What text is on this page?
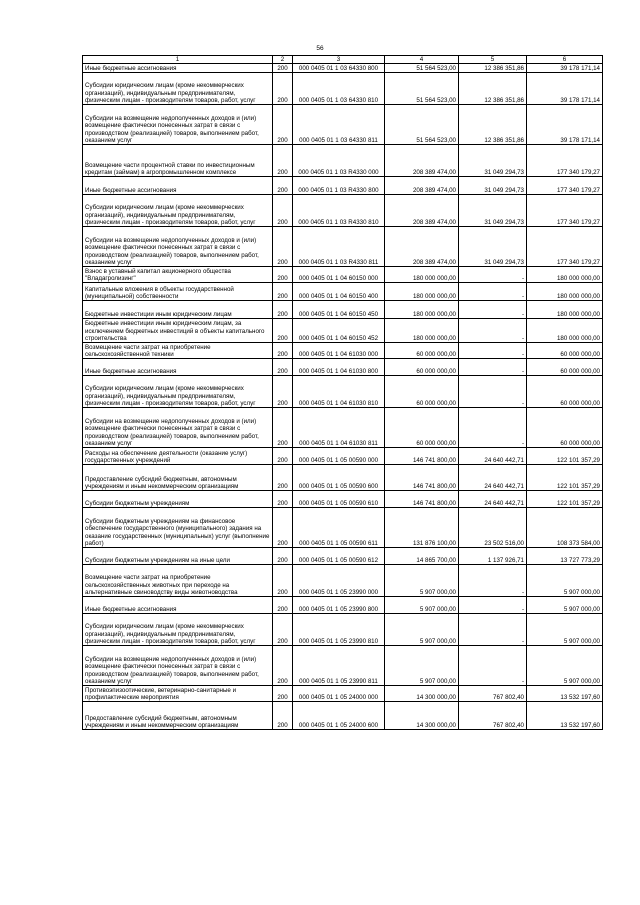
56
1	2	3	4	5	6
Иные бюджетные ассигнования	200	000 0405 01 1 03 64330 800	51 564 523,00	12 386 351,86	39 178 171,14
Субсидии юридическим лицам (кроме некоммерческих организаций), индивидуальным предпринимателям, физическим лицам - производителям товаров, работ, услуг	200	000 0405 01 1 03 64330 810	51 564 523,00	12 386 351,86	39 178 171,14
Субсидии на возмещение недополученных доходов и (или) возмещение фактически понесенных затрат в связи с производством (реализацией) товаров, выполнением работ, оказанием услуг	200	000 0405 01 1 03 64330 811	51 564 523,00	12 386 351,86	39 178 171,14
Возмещение части процентной ставки по инвестиционным кредитам (займам) в агропромышленном комплексе	200	000 0405 01 1 03 R4330 000	208 389 474,00	31 049 294,73	177 340 179,27
Иные бюджетные ассигнования	200	000 0405 01 1 03 R4330 800	208 389 474,00	31 049 294,73	177 340 179,27
Субсидии юридическим лицам (кроме некоммерческих организаций), индивидуальным предпринимателям, физическим лицам - производителям товаров, работ, услуг	200	000 0405 01 1 03 R4330 810	208 389 474,00	31 049 294,73	177 340 179,27
Субсидии на возмещение недополученных доходов и (или) возмещение фактически понесенных затрат в связи с производством (реализацией) товаров, выполнением работ, оказанием услуг	200	000 0405 01 1 03 R4330 811	208 389 474,00	31 049 294,73	177 340 179,27
Взнос в уставный капитал акционерного общества "Владагролизинг"	200	000 0405 01 1 04 60150 000	180 000 000,00	-	180 000 000,00
Капитальные вложения в объекты государственной (муниципальной) собственности	200	000 0405 01 1 04 60150 400	180 000 000,00	-	180 000 000,00
Бюджетные инвестиции иным юридическим лицам	200	000 0405 01 1 04 60150 450	180 000 000,00	-	180 000 000,00
Бюджетные инвестиции иным юридическим лицам, за исключением бюджетных инвестиций в объекты капитального строительства	200	000 0405 01 1 04 60150 452	180 000 000,00	-	180 000 000,00
Возмещение части затрат на приобретение сельскохозяйственной техники	200	000 0405 01 1 04 61030 000	60 000 000,00	-	60 000 000,00
Иные бюджетные ассигнования	200	000 0405 01 1 04 61030 800	60 000 000,00	-	60 000 000,00
Субсидии юридическим лицам (кроме некоммерческих организаций), индивидуальным предпринимателям, физическим лицам - производителям товаров, работ, услуг	200	000 0405 01 1 04 61030 810	60 000 000,00	-	60 000 000,00
Субсидии на возмещение недополученных доходов и (или) возмещение фактически понесенных затрат в связи с производством (реализацией) товаров, выполнением работ, оказанием услуг	200	000 0405 01 1 04 61030 811	60 000 000,00	-	60 000 000,00
Расходы на обеспечение деятельности (оказание услуг) государственных учреждений	200	000 0405 01 1 05 00590 000	146 741 800,00	24 640 442,71	122 101 357,29
Предоставление субсидий бюджетным, автономным учреждениям и иным некоммерческим организациям	200	000 0405 01 1 05 00590 600	146 741 800,00	24 640 442,71	122 101 357,29
Субсидии бюджетным учреждениям	200	000 0405 01 1 05 00590 610	146 741 800,00	24 640 442,71	122 101 357,29
Субсидии бюджетным учреждениям на финансовое обеспечение государственного (муниципального) задания на оказание государственных (муниципальных) услуг (выполнение работ)	200	000 0405 01 1 05 00590 611	131 876 100,00	23 502 516,00	108 373 584,00
Субсидии бюджетным учреждениям на иные цели	200	000 0405 01 1 05 00590 612	14 865 700,00	1 137 926,71	13 727 773,29
Возмещение части затрат на приобретение сельскохозяйственных животных при переходе на альтернативные свиноводству виды животноводства	200	000 0405 01 1 05 23990 000	5 907 000,00	-	5 907 000,00
Иные бюджетные ассигнования	200	000 0405 01 1 05 23990 800	5 907 000,00	-	5 907 000,00
Субсидии юридическим лицам (кроме некоммерческих организаций), индивидуальным предпринимателям, физическим лицам - производителям товаров, работ, услуг	200	000 0405 01 1 05 23990 810	5 907 000,00	-	5 907 000,00
Субсидии на возмещение недополученных доходов и (или) возмещение фактически понесенных затрат в связи с производством (реализацией) товаров, выполнением работ, оказанием услуг	200	000 0405 01 1 05 23990 811	5 907 000,00	-	5 907 000,00
Противоэпизоотические, ветеринарно-санитарные и профилактические мероприятия	200	000 0405 01 1 05 24000 000	14 300 000,00	767 802,40	13 532 197,60
Предоставление субсидий бюджетным, автономным учреждениям и иным некоммерческим организациям	200	000 0405 01 1 05 24000 600	14 300 000,00	767 802,40	13 532 197,60
